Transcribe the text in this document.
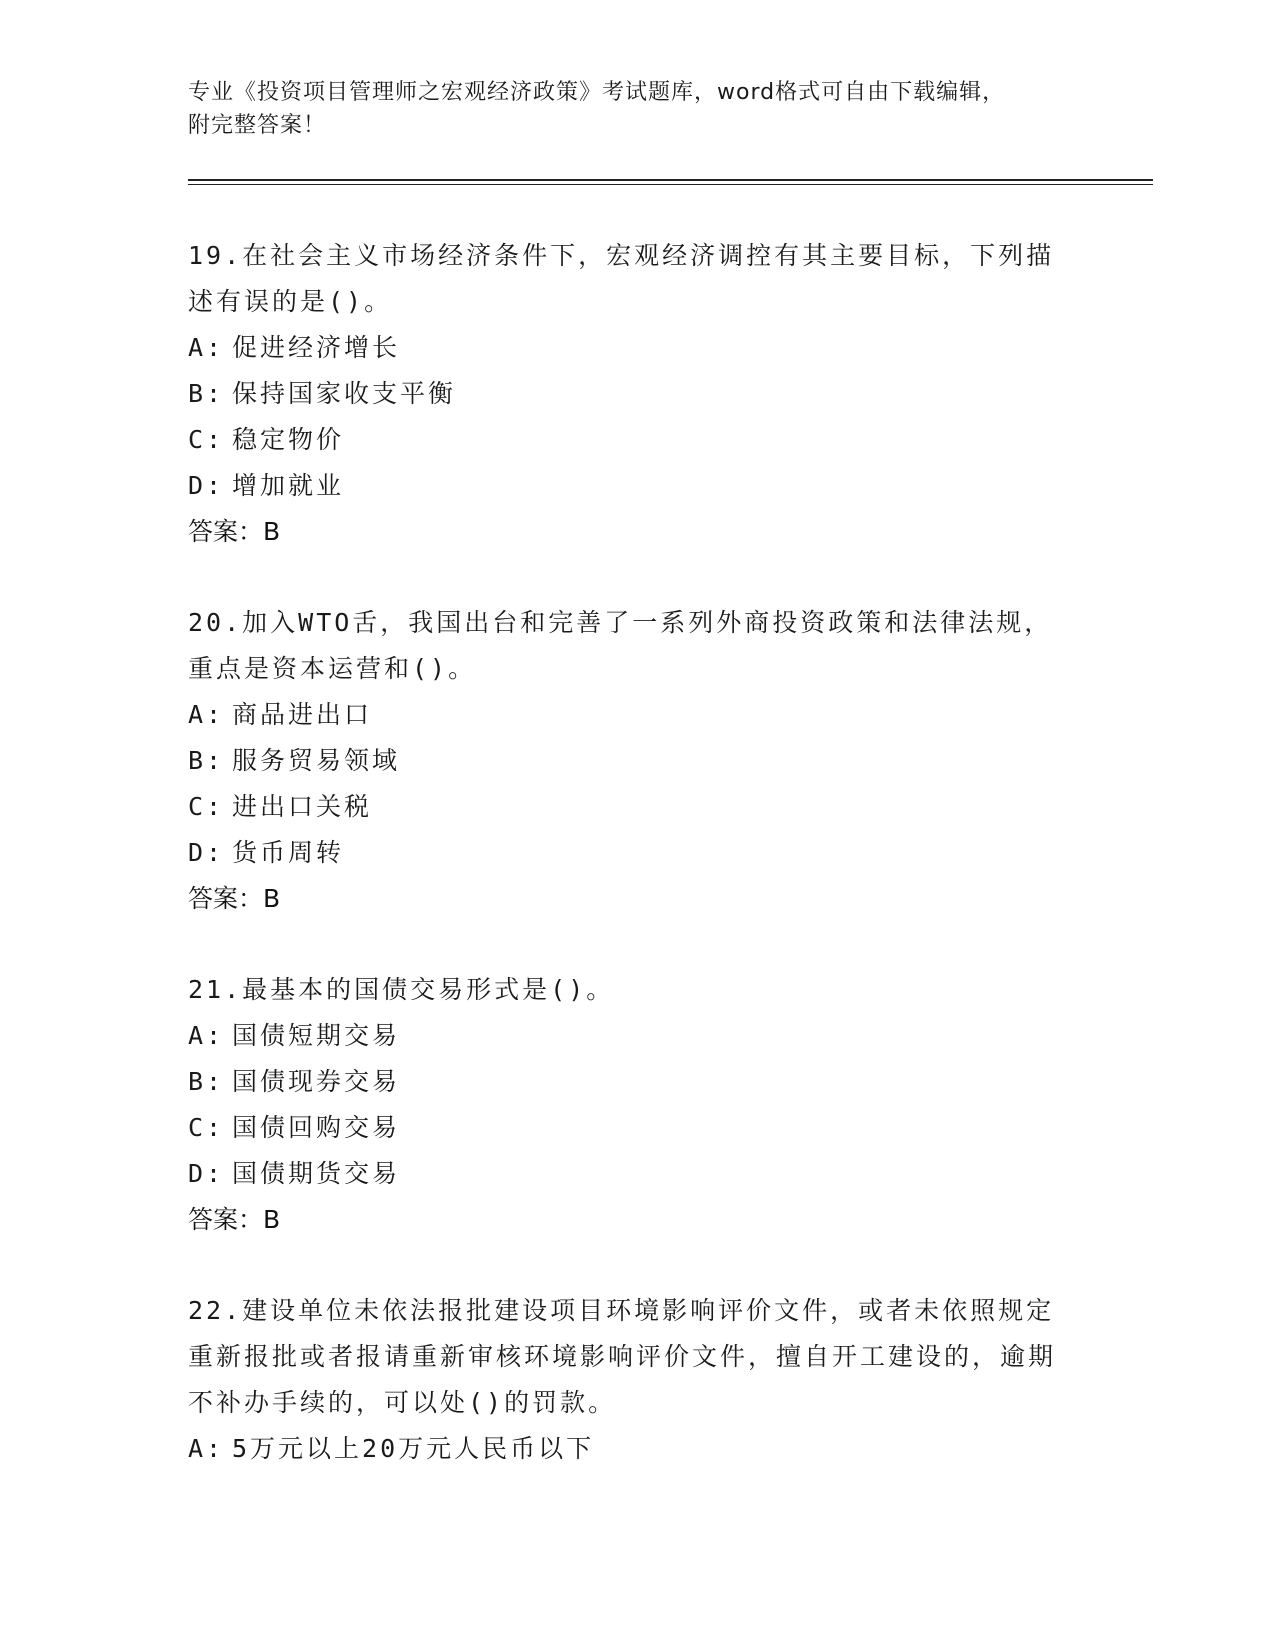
专业《投资项目管理师之宏观经济政策》考试题库，word格式可自由下载编辑，
附完整答案！

19.在社会主义市场经济条件下，宏观经济调控有其主要目标，下列描述有误的是()。

A: 促进经济增长

B: 保持国家收支平衡

C: 稳定物价

D: 增加就业

答案：B

20.加入WTO舌，我国出台和完善了一系列外商投资政策和法律法规，重点是资本运营和()。

A: 商品进出口

B: 服务贸易领域

C: 进出口关税

D: 货币周转

答案：B

21.最基本的国债交易形式是()。

A: 国债短期交易

B: 国债现券交易

C: 国债回购交易

D: 国债期货交易

答案：B

22.建设单位未依法报批建设项目环境影响评价文件，或者未依照规定重新报批或者报请重新审核环境影响评价文件，擅自开工建设的，逾期不补办手续的，可以处()的罚款。

A: 5万元以上20万元人民币以下
